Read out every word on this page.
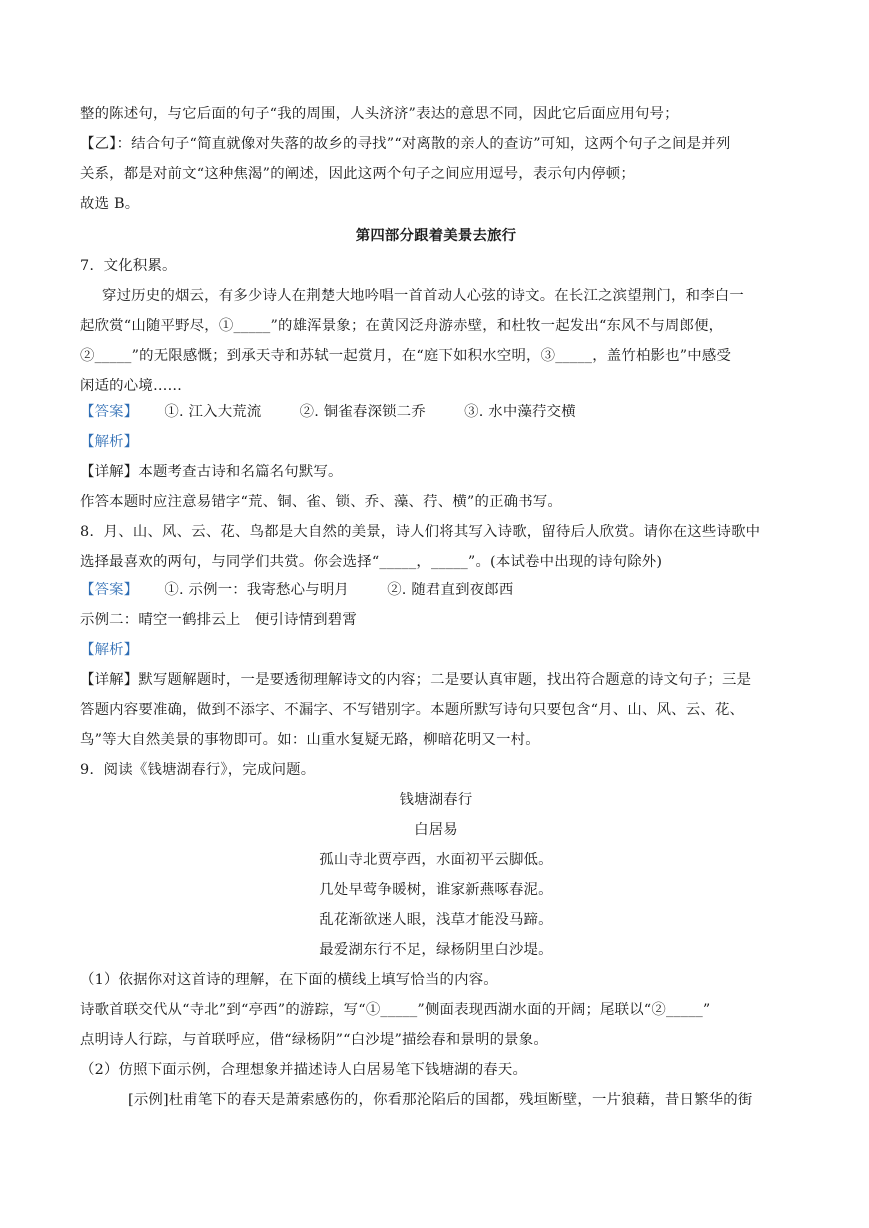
整的陈述句，与它后面的句子“我的周围，人头济济”表达的意思不同，因此它后面应用句号；
【乙】：结合句子“简直就像对失落的故乡的寻找”“对离散的亲人的查访”可知，这两个句子之间是并列
关系，都是对前文“这种焦渴”的阐述，因此这两个句子之间应用逗号，表示句内停顿；
故选 B。
第四部分跟着美景去旅行
7.  文化积累。
穿过历史的烟云，有多少诗人在荆楚大地吟唱一首首动人心弦的诗文。在长江之滨望荆门，和李白一
起欣赏“山随平野尽，①_____”的雄浑景象；在黄冈泛舟游赤壁，和杜牧一起发出“东风不与周郎便，
②_____”的无限感慨；到承天寺和苏轼一起赏月，在“庭下如积水空明，③_____，盖竹柏影也”中感受
闲适的心境……
【答案】 ①. 江入大荒流        ②. 铜雀春深锁二乔        ③. 水中藻荇交横
【解析】
【详解】本题考查古诗和名篇名句默写。
作答本题时应注意易错字“荒、铜、雀、锁、乔、藻、荇、横”的正确书写。
8.  月、山、风、云、花、鸟都是大自然的美景，诗人们将其写入诗歌，留待后人欣赏。请你在这些诗歌中
选择最喜欢的两句，与同学们共赏。你会选择“_____，_____”。(本试卷中出现的诗句除外)
【答案】 ①. 示例一：我寄愁心与明月        ②. 随君直到夜郎西
示例二：晴空一鹤排云上   便引诗情到碧霄
【解析】
【详解】默写题解题时，一是要透彻理解诗文的内容；二是要认真审题，找出符合题意的诗文句子；三是
答题内容要准确，做到不添字、不漏字、不写错别字。本题所默写诗句只要包含“月、山、风、云、花、
鸟”等大自然美景的事物即可。如：山重水复疑无路，柳暗花明又一村。
9.  阅读《钱塘湖春行》，完成问题。
钱塘湖春行
白居易
孤山寺北贾亭西，水面初平云脚低。
几处早莺争暖树，谁家新燕啄春泥。
乱花渐欲迷人眼，浅草才能没马蹄。
最爱湖东行不足，绿杨阴里白沙堤。
（1）依据你对这首诗的理解，在下面的横线上填写恰当的内容。
诗歌首联交代从“寺北”到“亭西”的游踪，写“①_____”侧面表现西湖水面的开阔；尾联以“②_____”
点明诗人行踪，与首联呼应，借“绿杨阴”“白沙堤”描绘春和景明的景象。
（2）仿照下面示例，合理想象并描述诗人白居易笔下钱塘湖的春天。
[示例]杜甫笔下的春天是萧索感伤的，你看那沦陷后的国都，残垣断壁，一片狼藉，昔日繁华的街
